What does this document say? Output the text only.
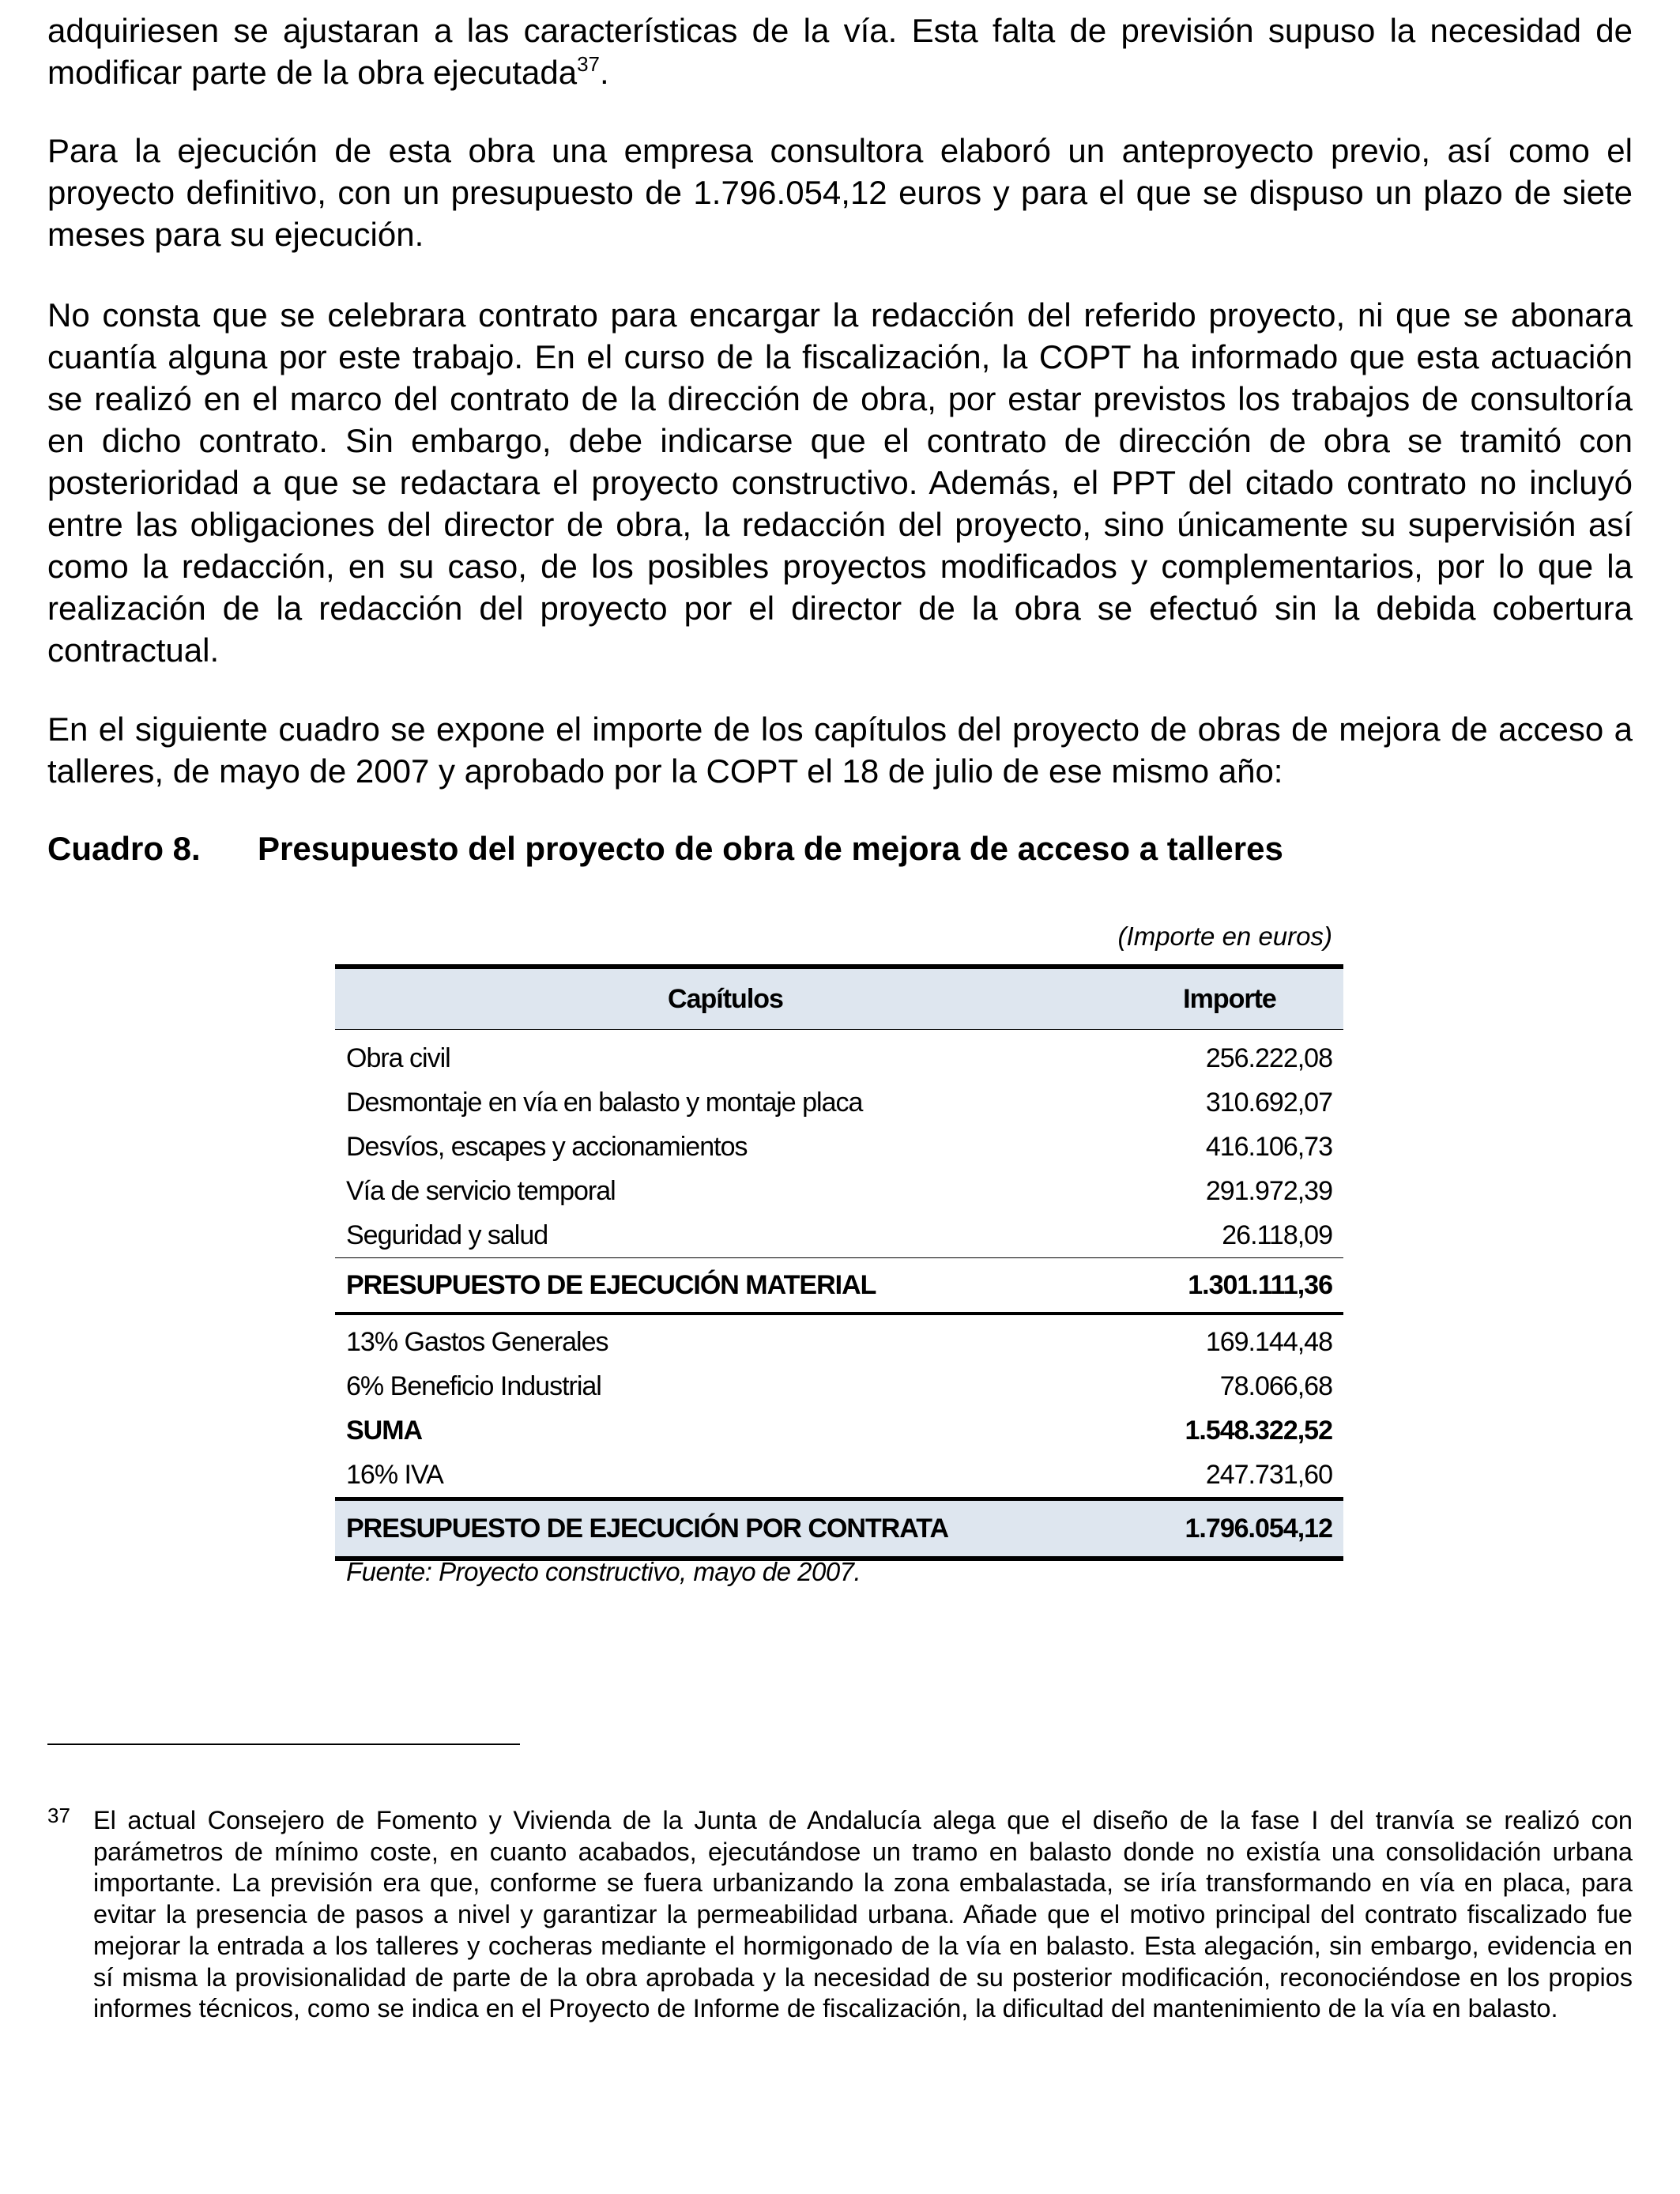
adquiriesen se ajustaran a las características de la vía. Esta falta de previsión supuso la necesidad de modificar parte de la obra ejecutada$^{37}$.

Para la ejecución de esta obra una empresa consultora elaboró un anteproyecto previo, así como el proyecto definitivo, con un presupuesto de 1.796.054,12 euros y para el que se dispuso un plazo de siete meses para su ejecución.

No consta que se celebrara contrato para encargar la redacción del referido proyecto, ni que se abonara cuantía alguna por este trabajo. En el curso de la fiscalización, la COPT ha informado que esta actuación se realizó en el marco del contrato de la dirección de obra, por estar previstos los trabajos de consultoría en dicho contrato. Sin embargo, debe indicarse que el contrato de dirección de obra se tramitó con posterioridad a que se redactara el proyecto constructivo. Además, el PPT del citado contrato no incluyó entre las obligaciones del director de obra, la redacción del proyecto, sino únicamente su supervisión así como la redacción, en su caso, de los posibles proyectos modificados y complementarios, por lo que la realización de la redacción del proyecto por el director de la obra se efectuó sin la debida cobertura contractual.

En el siguiente cuadro se expone el importe de los capítulos del proyecto de obras de mejora de acceso a talleres, de mayo de 2007 y aprobado por la COPT el 18 de julio de ese mismo año:

Cuadro 8. Presupuesto del proyecto de obra de mejora de acceso a talleres
(Importe en euros)
Capítulos	Importe
Obra civil	256.222,08
Desmontaje en vía en balasto y montaje placa	310.692,07
Desvíos, escapes y accionamientos	416.106,73
Vía de servicio temporal	291.972,39
Seguridad y salud	26.118,09
PRESUPUESTO DE EJECUCIÓN MATERIAL	1.301.111,36
13% Gastos Generales	169.144,48
6% Beneficio Industrial	78.066,68
SUMA	1.548.322,52
16% IVA	247.731,60
PRESUPUESTO DE EJECUCIÓN POR CONTRATA	1.796.054,12
Fuente: Proyecto constructivo, mayo de 2007.
37 El actual Consejero de Fomento y Vivienda de la Junta de Andalucía alega que el diseño de la fase I del tranvía se realizó con parámetros de mínimo coste, en cuanto acabados, ejecutándose un tramo en balasto donde no existía una consolidación urbana importante. La previsión era que, conforme se fuera urbanizando la zona embalastada, se iría transformando en vía en placa, para evitar la presencia de pasos a nivel y garantizar la permeabilidad urbana. Añade que el motivo principal del contrato fiscalizado fue mejorar la entrada a los talleres y cocheras mediante el hormigonado de la vía en balasto. Esta alegación, sin embargo, evidencia en sí misma la provisionalidad de parte de la obra aprobada y la necesidad de su posterior modificación, reconociéndose en los propios informes técnicos, como se indica en el Proyecto de Informe de fiscalización, la dificultad del mantenimiento de la vía en balasto.
